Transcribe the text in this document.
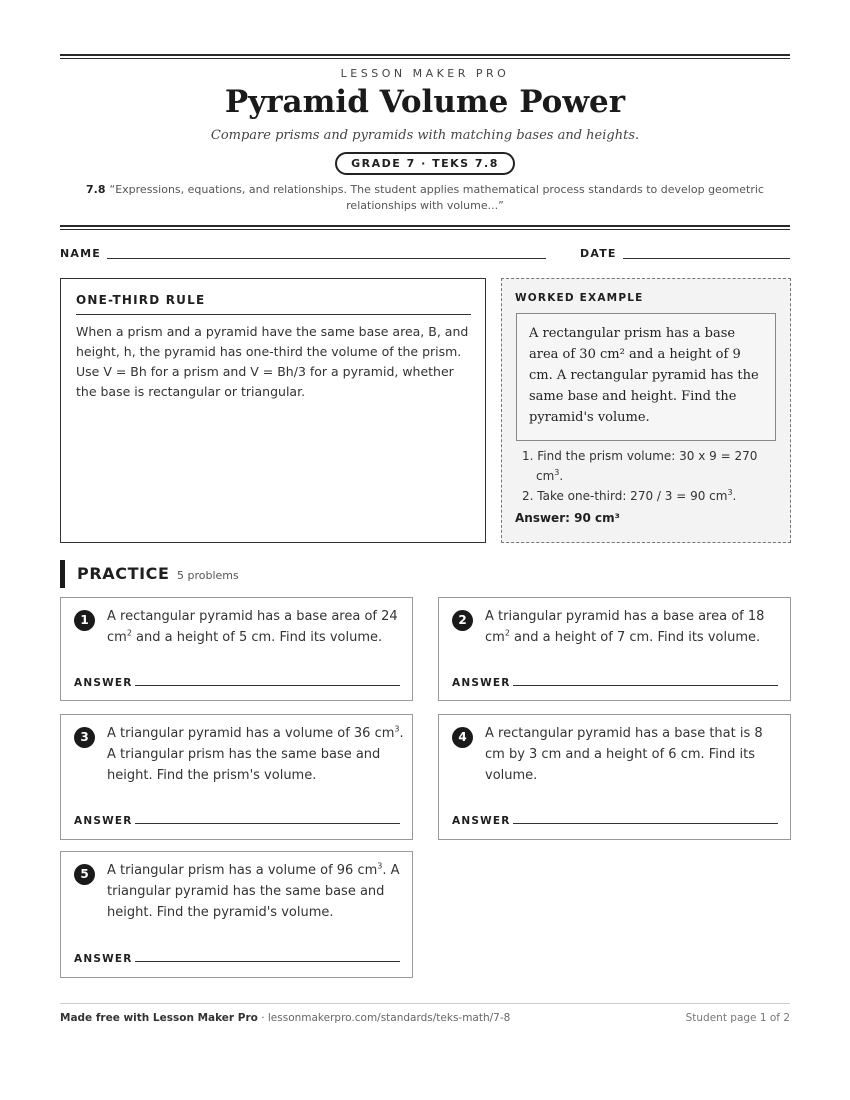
LESSON MAKER PRO
Pyramid Volume Power
Compare prisms and pyramids with matching bases and heights.
GRADE 7 · TEKS 7.8
7.8 “Expressions, equations, and relationships. The student applies mathematical process standards to develop geometric relationships with volume...”
NAME	DATE
ONE-THIRD RULE
When a prism and a pyramid have the same base area, B, and height, h, the pyramid has one-third the volume of the prism. Use V = Bh for a prism and V = Bh/3 for a pyramid, whether the base is rectangular or triangular.
WORKED EXAMPLE
A rectangular prism has a base area of 30 cm² and a height of 9 cm. A rectangular pyramid has the same base and height. Find the pyramid's volume.
1. Find the prism volume: 30 x 9 = 270 $cm^3$.
2. Take one-third: 270 / 3 = 90 $cm^3$.
Answer: 90 cm³
PRACTICE 5 problems
1	A rectangular pyramid has a base area of 24 $cm^2$ and a height of 5 cm. Find its volume.
ANSWER
2	A triangular pyramid has a base area of 18 $cm^2$ and a height of 7 cm. Find its volume.
ANSWER
3	A triangular pyramid has a volume of 36 $cm^3$. A triangular prism has the same base and height. Find the prism's volume.
ANSWER
4	A rectangular pyramid has a base that is 8 cm by 3 cm and a height of 6 cm. Find its volume.
ANSWER
5	A triangular prism has a volume of 96 $cm^3$. A triangular pyramid has the same base and height. Find the pyramid's volume.
ANSWER
Made free with Lesson Maker Pro · lessonmakerpro.com/standards/teks-math/7-8	Student page 1 of 2
